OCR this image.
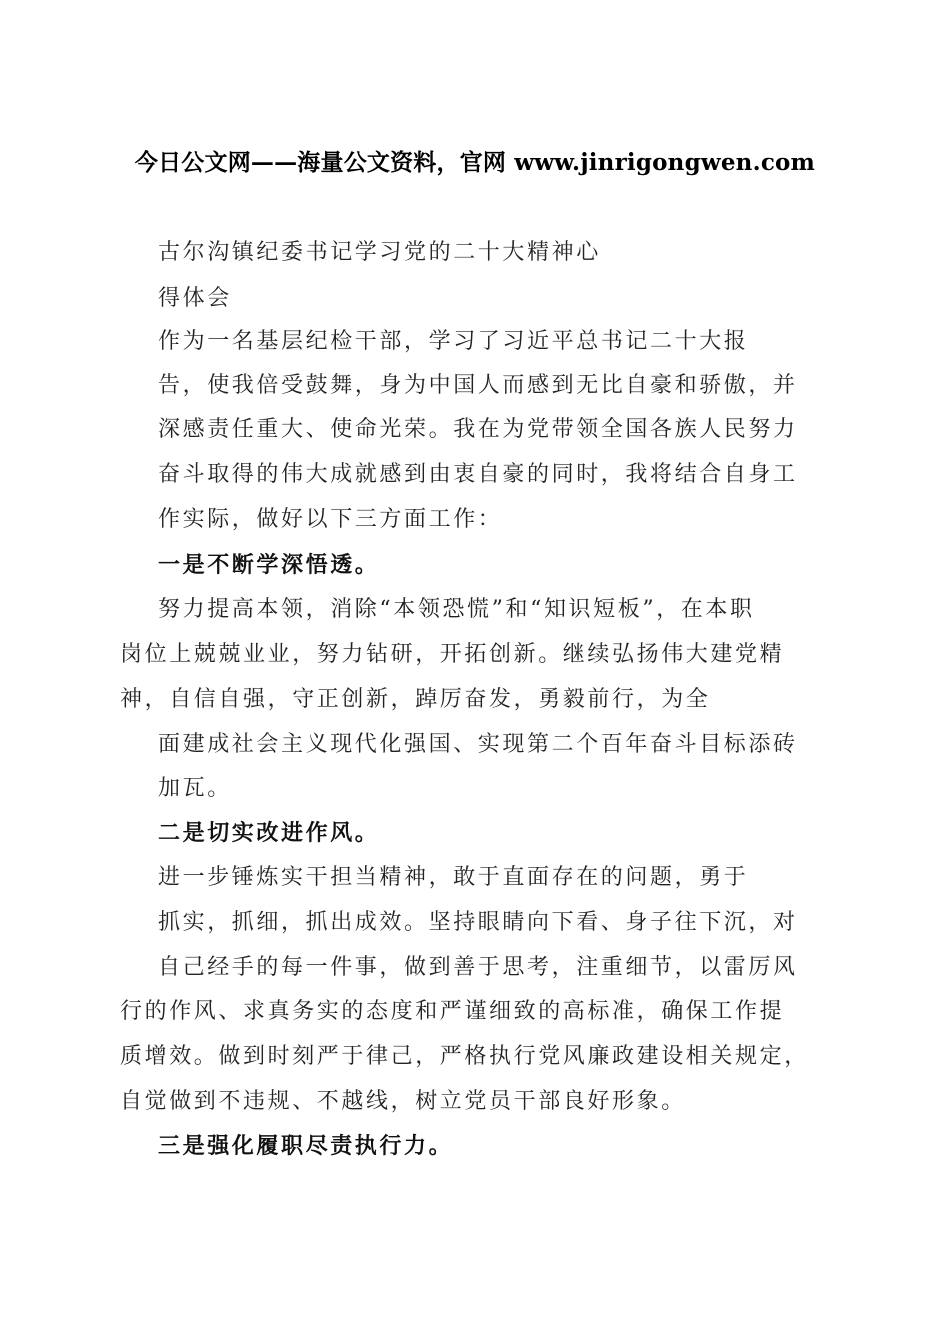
今日公文网——海量公文资料，官网 www.jinrigongwen.com
古尔沟镇纪委书记学习党的二十大精神心
得体会
作为一名基层纪检干部，学习了习近平总书记二十大报
告，使我倍受鼓舞，身为中国人而感到无比自豪和骄傲，并
深感责任重大、使命光荣。我在为党带领全国各族人民努力
奋斗取得的伟大成就感到由衷自豪的同时，我将结合自身工
作实际，做好以下三方面工作：
一是不断学深悟透。
努力提高本领，消除“本领恐慌”和“知识短板”，在本职
岗位上兢兢业业，努力钻研，开拓创新。继续弘扬伟大建党精
神，自信自强，守正创新，踔厉奋发，勇毅前行，为全
面建成社会主义现代化强国、实现第二个百年奋斗目标添砖
加瓦。
二是切实改进作风。
进一步锤炼实干担当精神，敢于直面存在的问题，勇于
抓实，抓细，抓出成效。坚持眼睛向下看、身子往下沉，对
自己经手的每一件事，做到善于思考，注重细节，以雷厉风
行的作风、求真务实的态度和严谨细致的高标准，确保工作提
质增效。做到时刻严于律己，严格执行党风廉政建设相关规定，
自觉做到不违规、不越线，树立党员干部良好形象。
三是强化履职尽责执行力。
